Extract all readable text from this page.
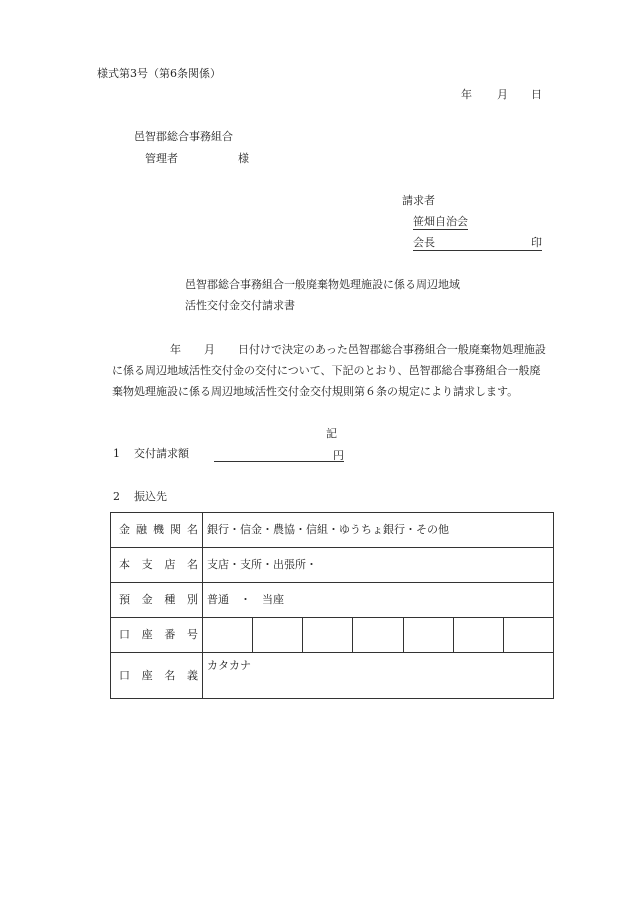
様式第3号（第6条関係）
年 月 日
邑智郡総合事務組合
管理者	様
請求者
笹畑自治会
会長	印
邑智郡総合事務組合一般廃棄物処理施設に係る周辺地域
活性交付金交付請求書
年 月 日付けで決定のあった邑智郡総合事務組合一般廃棄物処理施設
に係る周辺地域活性交付金の交付について、下記のとおり、邑智郡総合事務組合一般廃
棄物処理施設に係る周辺地域活性交付金交付規則第６条の規定により請求します。
記
1 交付請求額	円
2 振込先
金 融 機 関 名	銀行・信金・農協・信組・ゆうちょ銀行・その他						

本 支 店 名	支店・支所・出張所・						

預 金 種 別	普通　・　当座						

口 座 番 号							

口 座 名 義	カタカナ						
